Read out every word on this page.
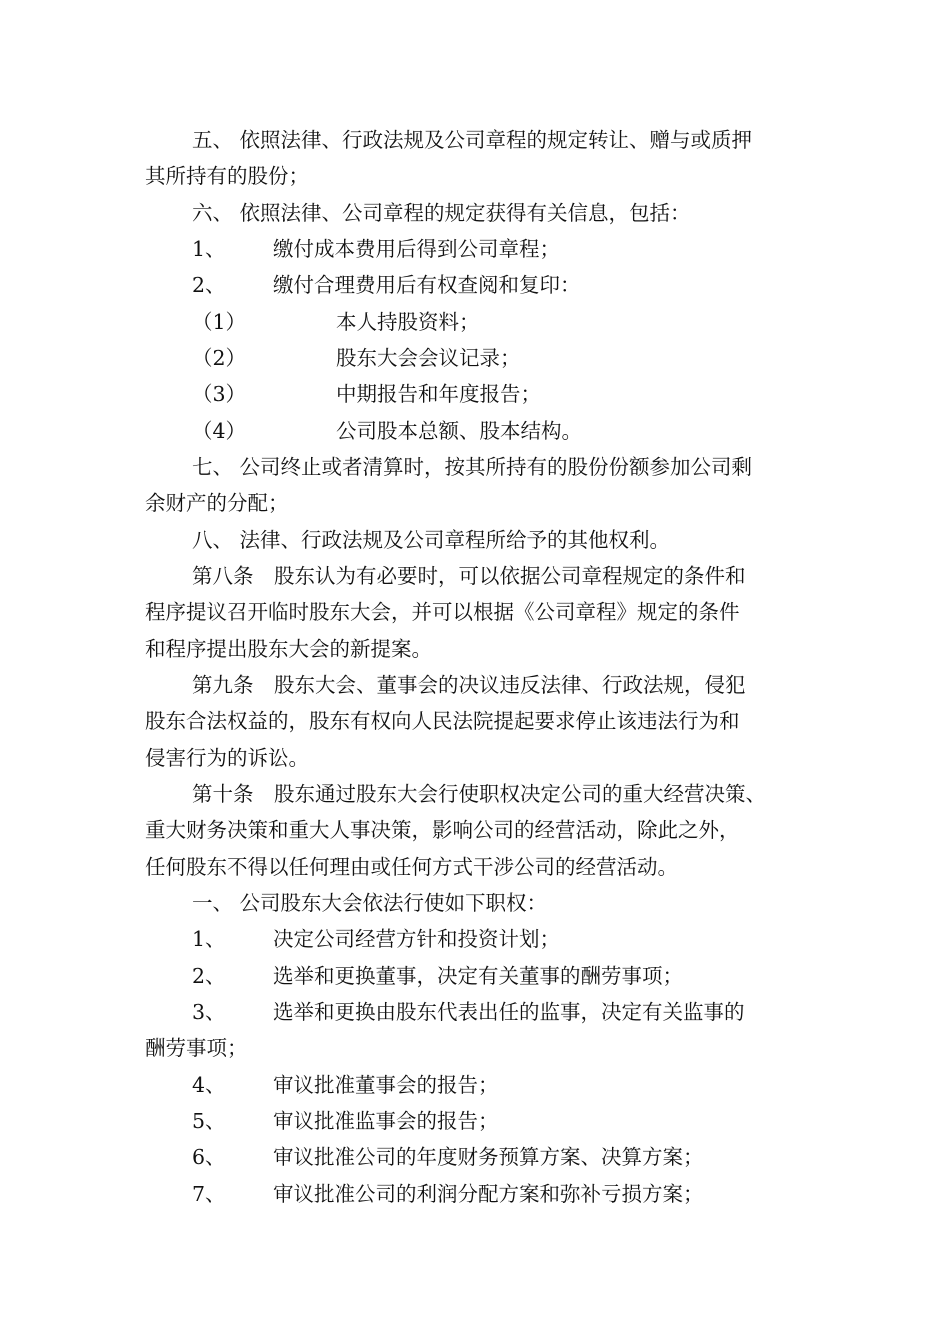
五、 依照法律、行政法规及公司章程的规定转让、赠与或质押
其所持有的股份；
六、 依照法律、公司章程的规定获得有关信息，包括：
1、 缴付成本费用后得到公司章程；
2、 缴付合理费用后有权查阅和复印：
（1）	本人持股资料；
（2）	股东大会会议记录；
（3）	中期报告和年度报告；
（4）	公司股本总额、股本结构。
七、 公司终止或者清算时，按其所持有的股份份额参加公司剩
余财产的分配；
八、 法律、行政法规及公司章程所给予的其他权利。
第八条　股东认为有必要时，可以依据公司章程规定的条件和
程序提议召开临时股东大会，并可以根据《公司章程》规定的条件
和程序提出股东大会的新提案。
第九条　股东大会、董事会的决议违反法律、行政法规，侵犯
股东合法权益的，股东有权向人民法院提起要求停止该违法行为和
侵害行为的诉讼。
第十条　股东通过股东大会行使职权决定公司的重大经营决策、
重大财务决策和重大人事决策，影响公司的经营活动，除此之外，
任何股东不得以任何理由或任何方式干涉公司的经营活动。
一、 公司股东大会依法行使如下职权：
1、 决定公司经营方针和投资计划；
2、 选举和更换董事，决定有关董事的酬劳事项；
3、 选举和更换由股东代表出任的监事，决定有关监事的
酬劳事项；
4、 审议批准董事会的报告；
5、 审议批准监事会的报告；
6、 审议批准公司的年度财务预算方案、决算方案；
7、 审议批准公司的利润分配方案和弥补亏损方案；
